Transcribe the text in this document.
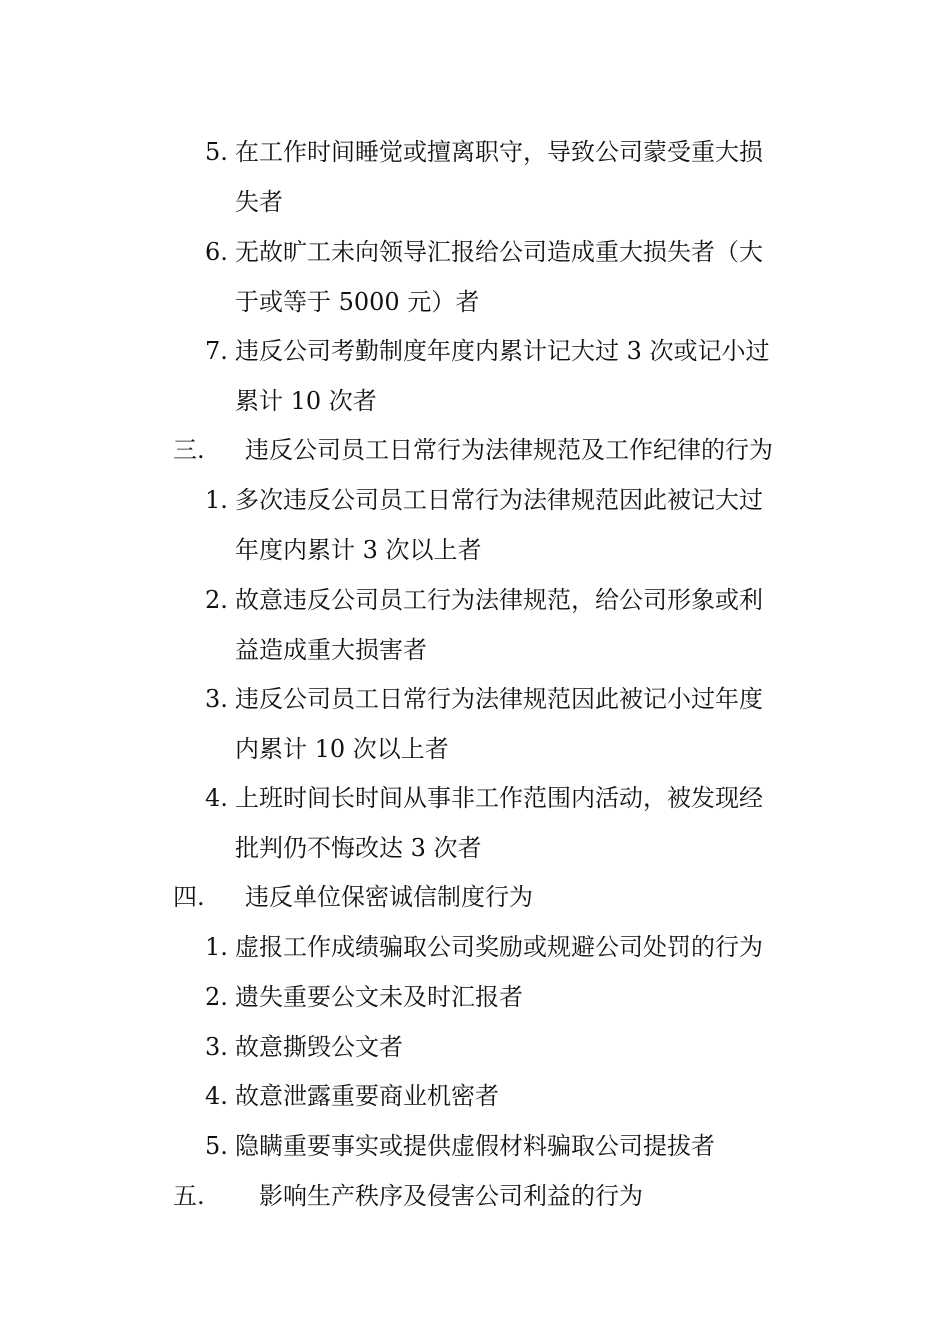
5. 在工作时间睡觉或擅离职守，导致公司蒙受重大损
失者
6. 无故旷工未向领导汇报给公司造成重大损失者（大
于或等于 5000 元）者
7. 违反公司考勤制度年度内累计记大过 3 次或记小过
累计 10 次者
三. 违反公司员工日常行为法律规范及工作纪律的行为
1. 多次违反公司员工日常行为法律规范因此被记大过
年度内累计 3 次以上者
2. 故意违反公司员工行为法律规范，给公司形象或利
益造成重大损害者
3. 违反公司员工日常行为法律规范因此被记小过年度
内累计 10 次以上者
4. 上班时间长时间从事非工作范围内活动，被发现经
批判仍不悔改达 3 次者
四. 违反单位保密诚信制度行为
1. 虚报工作成绩骗取公司奖励或规避公司处罚的行为
2. 遗失重要公文未及时汇报者
3. 故意撕毁公文者
4. 故意泄露重要商业机密者
5. 隐瞒重要事实或提供虚假材料骗取公司提拔者
五. 影响生产秩序及侵害公司利益的行为
